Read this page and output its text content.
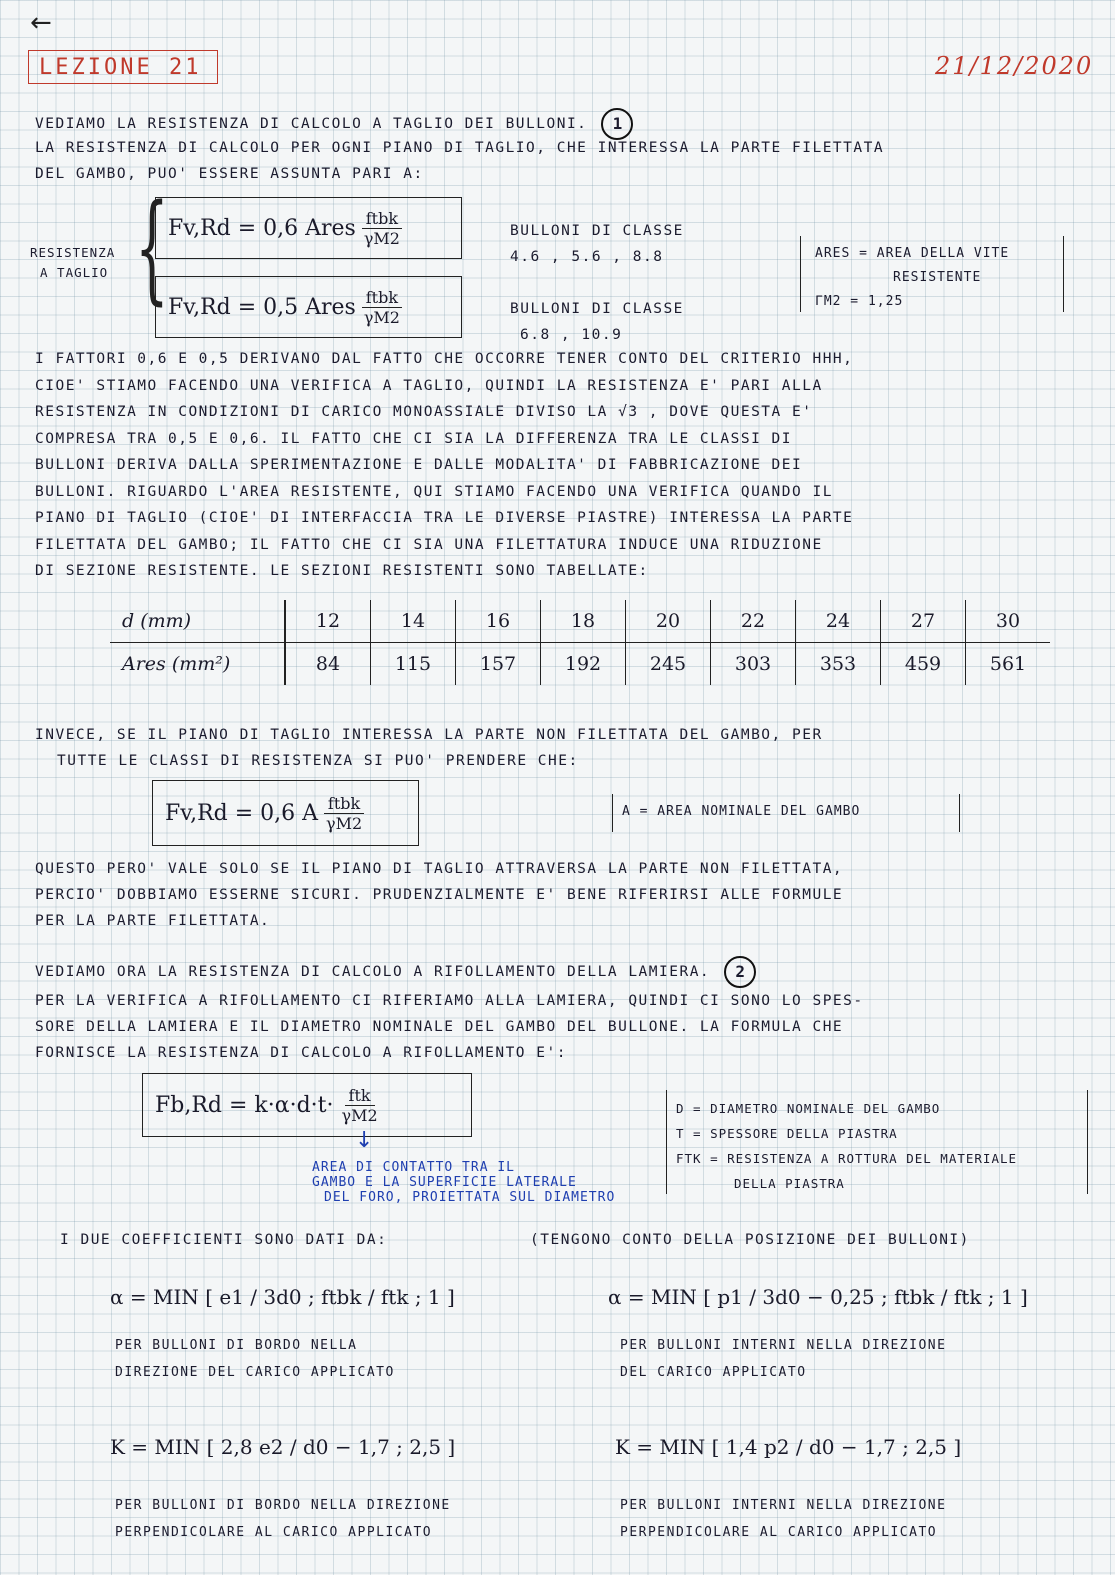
←
LEZIONE 21	21/12/2020
VEDIAMO LA RESISTENZA DI CALCOLO A TAGLIO DEI BULLONI. 1
LA RESISTENZA DI CALCOLO PER OGNI PIANO DI TAGLIO, CHE INTERESSA LA PARTE FILETTATA
DEL GAMBO, PUO' ESSERE ASSUNTA PARI A:
RESISTENZA
A TAGLIO { Fv,Rd = 0,6 Ares $\frac{\text{ftbk}}{\gamma M2}$
Fv,Rd = 0,5 Ares $\frac{\text{ftbk}}{\gamma M2}$
BULLONI DI CLASSE
4.6 , 5.6 , 8.8
BULLONI DI CLASSE
6.8 , 10.9
ARES = AREA DELLA VITE
RESISTENTE
ΓM2 = 1,25
I FATTORI 0,6 E 0,5 DERIVANO DAL FATTO CHE OCCORRE TENER CONTO DEL CRITERIO HHH,
CIOE' STIAMO FACENDO UNA VERIFICA A TAGLIO, QUINDI LA RESISTENZA E' PARI ALLA
RESISTENZA IN CONDIZIONI DI CARICO MONOASSIALE DIVISO LA √3 , DOVE QUESTA E'
COMPRESA TRA 0,5 E 0,6. IL FATTO CHE CI SIA LA DIFFERENZA TRA LE CLASSI DI
BULLONI DERIVA DALLA SPERIMENTAZIONE E DALLE MODALITA' DI FABBRICAZIONE DEI
BULLONI. RIGUARDO L'AREA RESISTENTE, QUI STIAMO FACENDO UNA VERIFICA QUANDO IL
PIANO DI TAGLIO (CIOE' DI INTERFACCIA TRA LE DIVERSE PIASTRE) INTERESSA LA PARTE
FILETTATA DEL GAMBO; IL FATTO CHE CI SIA UNA FILETTATURA INDUCE UNA RIDUZIONE
DI SEZIONE RESISTENTE. LE SEZIONI RESISTENTI SONO TABELLATE:
d (mm)	12	14	16	18	20	22	24	27	30
Ares (mm²)	84	115	157	192	245	303	353	459	561
INVECE, SE IL PIANO DI TAGLIO INTERESSA LA PARTE NON FILETTATA DEL GAMBO, PER
TUTTE LE CLASSI DI RESISTENZA SI PUO' PRENDERE CHE:
Fv,Rd = 0,6 A $\frac{\text{ftbk}}{\gamma M2}$	A = AREA NOMINALE DEL GAMBO
QUESTO PERO' VALE SOLO SE IL PIANO DI TAGLIO ATTRAVERSA LA PARTE NON FILETTATA,
PERCIO' DOBBIAMO ESSERNE SICURI. PRUDENZIALMENTE E' BENE RIFERIRSI ALLE FORMULE
PER LA PARTE FILETTATA.
VEDIAMO ORA LA RESISTENZA DI CALCOLO A RIFOLLAMENTO DELLA LAMIERA. 2
PER LA VERIFICA A RIFOLLAMENTO CI RIFERIAMO ALLA LAMIERA, QUINDI CI SONO LO SPES-
SORE DELLA LAMIERA E IL DIAMETRO NOMINALE DEL GAMBO DEL BULLONE. LA FORMULA CHE
FORNISCE LA RESISTENZA DI CALCOLO A RIFOLLAMENTO E':
$Fb,Rd = k\cdot\alpha\cdot d\cdot t\cdot \frac{\text{ftk}}{\gamma M2}$
↓
AREA DI CONTATTO TRA IL
GAMBO E LA SUPERFICIE LATERALE
DEL FORO, PROIETTATA SUL DIAMETRO
D = DIAMETRO NOMINALE DEL GAMBO
T = SPESSORE DELLA PIASTRA
FTK = RESISTENZA A ROTTURA DEL MATERIALE
DELLA PIASTRA
I DUE COEFFICIENTI SONO DATI DA:	(TENGONO CONTO DELLA POSIZIONE DEI BULLONI)
α = MIN [ e1 / 3d0 ; ftbk / ftk ; 1 ]
PER BULLONI DI BORDO NELLA
DIREZIONE DEL CARICO APPLICATO
α = MIN [ p1 / 3d0 − 0,25 ; ftbk / ftk ; 1 ]
PER BULLONI INTERNI NELLA DIREZIONE
DEL CARICO APPLICATO
K = MIN [ 2,8 e2 / d0 − 1,7 ; 2,5 ]
PER BULLONI DI BORDO NELLA DIREZIONE
PERPENDICOLARE AL CARICO APPLICATO
K = MIN [ 1,4 p2 / d0 − 1,7 ; 2,5 ]
PER BULLONI INTERNI NELLA DIREZIONE
PERPENDICOLARE AL CARICO APPLICATO
